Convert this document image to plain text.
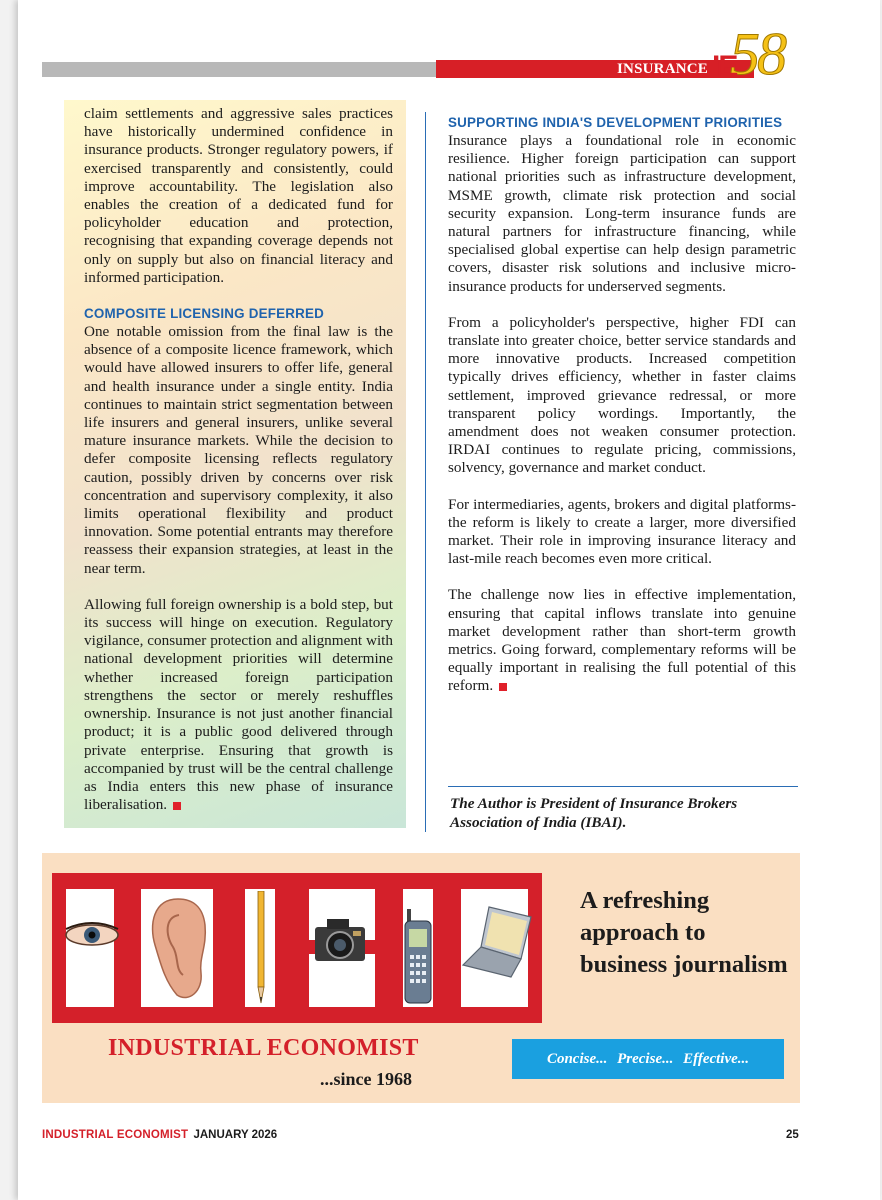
INSURANCE 58
IE

claim settlements and aggressive sales practices have historically undermined confidence in insurance products. Stronger regulatory powers, if exercised transparently and consistently, could improve accountability. The legislation also enables the creation of a dedicated fund for policyholder education and protection, recognising that expanding coverage depends not only on supply but also on financial literacy and informed participation.

COMPOSITE LICENSING DEFERRED

One notable omission from the final law is the absence of a composite licence framework, which would have allowed insurers to offer life, general and health insurance under a single entity. India continues to maintain strict segmentation between life insurers and general insurers, unlike several mature insurance markets. While the decision to defer composite licensing reflects regulatory caution, possibly driven by concerns over risk concentration and supervisory complexity, it also limits operational flexibility and product innovation. Some potential entrants may therefore reassess their expansion strategies, at least in the near term.

Allowing full foreign ownership is a bold step, but its success will hinge on execution. Regulatory vigilance, consumer protection and alignment with national development priorities will determine whether increased foreign participation strengthens the sector or merely reshuffles ownership. Insurance is not just another financial product; it is a public good delivered through private enterprise. Ensuring that growth is accompanied by trust will be the central challenge as India enters this new phase of insurance liberalisation.

SUPPORTING INDIA'S DEVELOPMENT PRIORITIES

Insurance plays a foundational role in economic resilience. Higher foreign participation can support national priorities such as infrastructure development, MSME growth, climate risk protection and social security expansion. Long-term insurance funds are natural partners for infrastructure financing, while specialised global expertise can help design parametric covers, disaster risk solutions and inclusive micro-insurance products for underserved segments.

From a policyholder's perspective, higher FDI can translate into greater choice, better service standards and more innovative products. Increased competition typically drives efficiency, whether in faster claims settlement, improved grievance redressal, or more transparent policy wordings. Importantly, the amendment does not weaken consumer protection. IRDAI continues to regulate pricing, commissions, solvency, governance and market conduct.

For intermediaries, agents, brokers and digital platforms- the reform is likely to create a larger, more diversified market. Their role in improving insurance literacy and last-mile reach becomes even more critical.

The challenge now lies in effective implementation, ensuring that capital inflows translate into genuine market development rather than short-term growth metrics. Going forward, complementary reforms will be equally important in realising the full potential of this reform.

The Author is President of Insurance Brokers Association of India (IBAI).
A refreshing approach to business journalism
INDUSTRIAL ECONOMIST
...since 1968
Concise... Precise... Effective...
INDUSTRIAL ECONOMIST JANUARY 2026	25
